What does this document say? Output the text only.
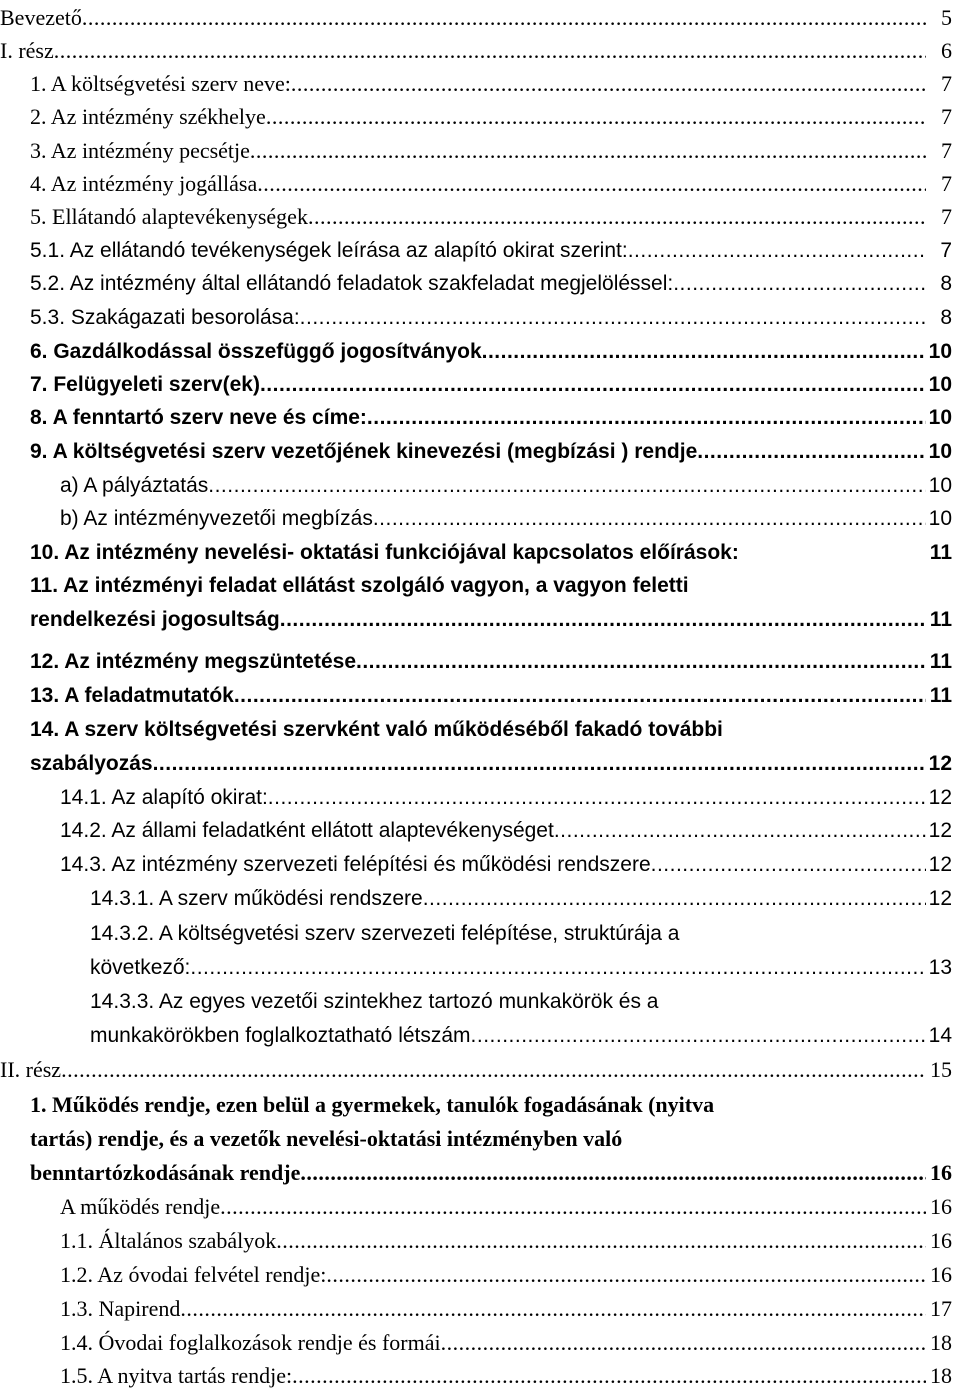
Bevezető .....	5
I. rész .....	6
1. A költségvetési szerv neve: .....	7
2. Az intézmény székhelye .....	7
3. Az intézmény pecsétje .....	7
4. Az intézmény jogállása .....	7
5. Ellátandó alaptevékenységek .....	7
5.1. Az ellátandó tevékenységek leírása az alapító okirat szerint: .....	7
5.2. Az intézmény által ellátandó feladatok szakfeladat megjelöléssel: .....	8
5.3. Szakágazati besorolása: .....	8
6. Gazdálkodással összefüggő jogosítványok .....	10
7. Felügyeleti szerv(ek) .....	10
8. A fenntartó szerv neve és címe: .....	10
9. A költségvetési szerv vezetőjének kinevezési (megbízási ) rendje .....	10
a) A pályáztatás .....	10
b) Az intézményvezetői megbízás .....	10
10. Az intézmény nevelési- oktatási funkciójával kapcsolatos előírások:	11
11. Az intézményi feladat ellátást szolgáló vagyon, a vagyon feletti
rendelkezési jogosultság .....	11
12. Az intézmény megszüntetése .....	11
13. A feladatmutatók .....	11
14. A szerv költségvetési szervként való működéséből fakadó további
szabályozás .....	12
14.1. Az alapító okirat: .....	12
14.2. Az állami feladatként ellátott alaptevékenységet .....	12
14.3. Az intézmény szervezeti felépítési és működési rendszere .....	12
14.3.1. A szerv működési rendszere .....	12
14.3.2. A költségvetési szerv szervezeti felépítése, struktúrája a
következő: .....	13
14.3.3. Az egyes vezetői szintekhez tartozó munkakörök és a
munkakörökben foglalkoztatható létszám .....	14
II. rész .....	15
1. Működés rendje, ezen belül a gyermekek, tanulók fogadásának (nyitva
tartás) rendje, és a vezetők nevelési-oktatási intézményben való
benntartózkodásának rendje .....	16
A működés rendje .....	16
1.1. Általános szabályok .....	16
1.2. Az óvodai felvétel rendje: .....	16
1.3. Napirend .....	17
1.4. Óvodai foglalkozások rendje és formái .....	18
1.5. A nyitva tartás rendje: .....	18
